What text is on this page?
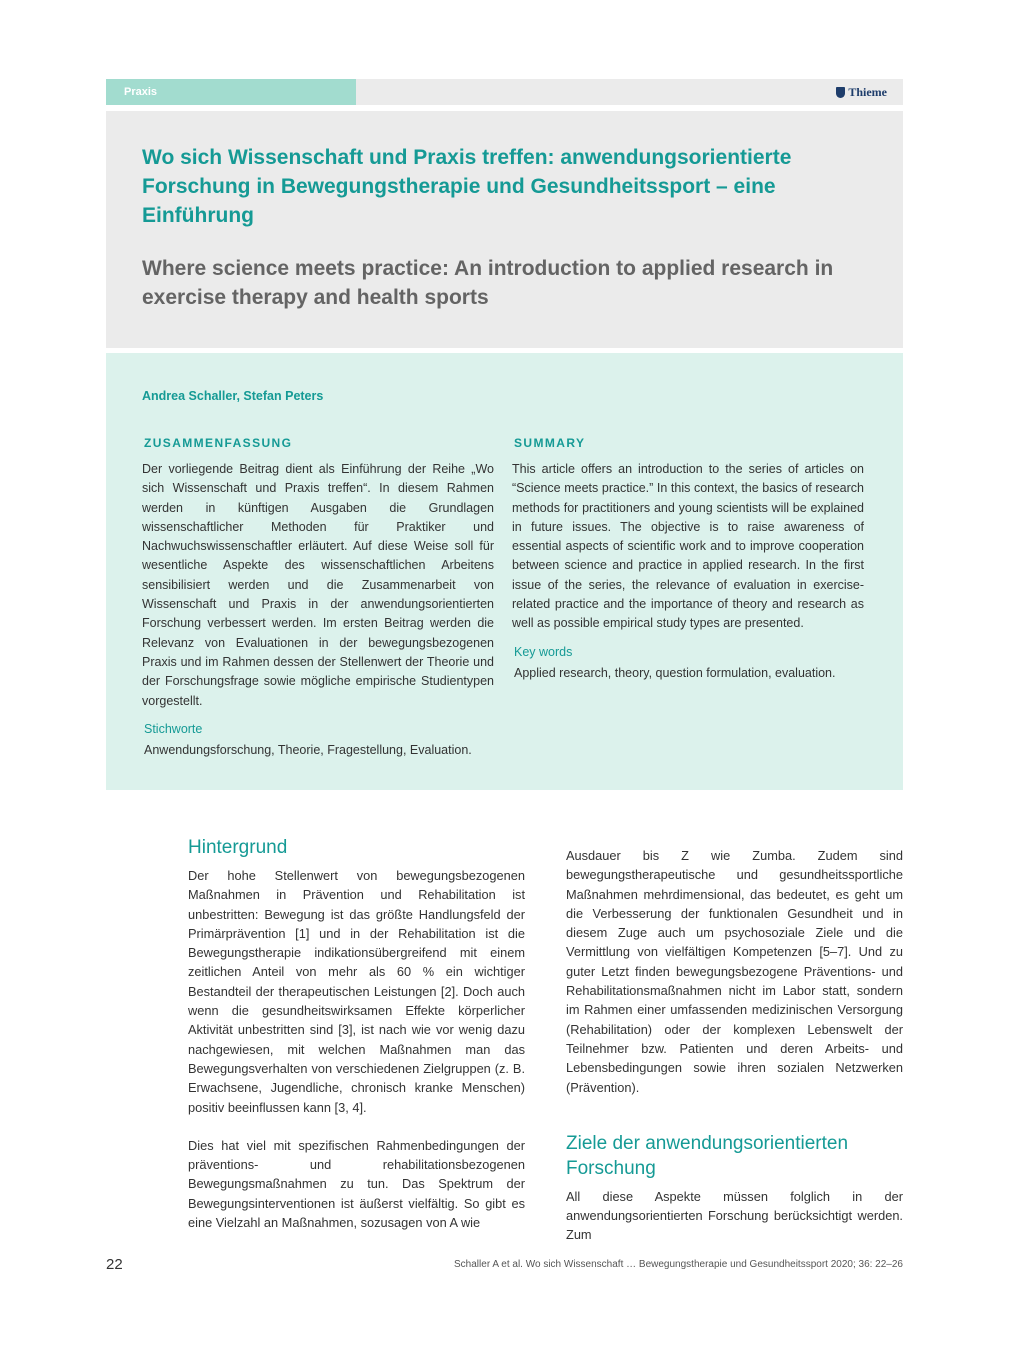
Praxis	Thieme
Wo sich Wissenschaft und Praxis treffen: anwendungsorientierte Forschung in Bewegungstherapie und Gesundheitssport – eine Einführung
Where science meets practice: An introduction to applied research in exercise therapy and health sports
Andrea Schaller, Stefan Peters
ZUSAMMENFASSUNG

Der vorliegende Beitrag dient als Einführung der Reihe „Wo sich Wissenschaft und Praxis treffen“. In diesem Rahmen werden in künftigen Ausgaben die Grundlagen wissenschaftlicher Methoden für Praktiker und Nachwuchswissenschaftler erläutert. Auf diese Weise soll für wesentliche Aspekte des wissenschaftlichen Arbeitens sensibilisiert werden und die Zusammenarbeit von Wissenschaft und Praxis in der anwendungsorientierten Forschung verbessert werden. Im ersten Beitrag werden die Relevanz von Evaluationen in der bewegungsbezogenen Praxis und im Rahmen dessen der Stellenwert der Theorie und der Forschungsfrage sowie mögliche empirische Studientypen vorgestellt.

Stichworte
Anwendungsforschung, Theorie, Fragestellung, Evaluation.
SUMMARY

This article offers an introduction to the series of articles on “Science meets practice.” In this context, the basics of research methods for practitioners and young scientists will be explained in future issues. The objective is to raise awareness of essential aspects of scientific work and to improve cooperation between science and practice in applied research. In the first issue of the series, the relevance of evaluation in exercise-related practice and the importance of theory and research as well as possible empirical study types are presented.

Key words
Applied research, theory, question formulation, evaluation.
Hintergrund

Der hohe Stellenwert von bewegungsbezogenen Maßnahmen in Prävention und Rehabilitation ist unbestritten: Bewegung ist das größte Handlungsfeld der Primärprävention [1] und in der Rehabilitation ist die Bewegungstherapie indikationsübergreifend mit einem zeitlichen Anteil von mehr als 60 % ein wichtiger Bestandteil der therapeutischen Leistungen [2]. Doch auch wenn die gesundheitswirksamen Effekte körperlicher Aktivität unbestritten sind [3], ist nach wie vor wenig dazu nachgewiesen, mit welchen Maßnahmen man das Bewegungsverhalten von verschiedenen Zielgruppen (z. B. Erwachsene, Jugendliche, chronisch kranke Menschen) positiv beeinflussen kann [3, 4].

Dies hat viel mit spezifischen Rahmenbedingungen der präventions- und rehabilitationsbezogenen Bewegungsmaßnahmen zu tun. Das Spektrum der Bewegungsinterventionen ist äußerst vielfältig. So gibt es eine Vielzahl an Maßnahmen, sozusagen von A wie

Ausdauer bis Z wie Zumba. Zudem sind bewegungstherapeutische und gesundheitssportliche Maßnahmen mehrdimensional, das bedeutet, es geht um die Verbesserung der funktionalen Gesundheit und in diesem Zuge auch um psychosoziale Ziele und die Vermittlung von vielfältigen Kompetenzen [5–7]. Und zu guter Letzt finden bewegungsbezogene Präventions- und Rehabilitationsmaßnahmen nicht im Labor statt, sondern im Rahmen einer umfassenden medizinischen Versorgung (Rehabilitation) oder der komplexen Lebenswelt der Teilnehmer bzw. Patienten und deren Arbeits- und Lebensbedingungen sowie ihren sozialen Netzwerken (Prävention).

Ziele der anwendungsorientierten Forschung

All diese Aspekte müssen folglich in der anwendungsorientierten Forschung berücksichtigt werden. Zum

22	Schaller A et al. Wo sich Wissenschaft … Bewegungstherapie und Gesundheitssport 2020; 36: 22–26
